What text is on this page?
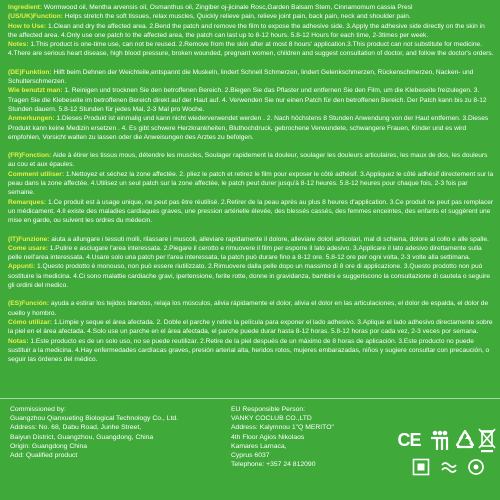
Ingredient: Wormwood oil, Mentha arvensis oil, Osmanthus oil, Zingiber oj-jicinale Rosc,Garden Balsam Stem, Cinnamomum cassia Presl

(US/UK)Function: Helps stretch the soft tissues, relax muscles, Quickly relieve pain, relieve joint pain, back pain, neck and shoulder pain.

How to Use: 1.Clean and dry the affected area. 2.Bend the patch and remove the film to expose the adhesive side. 3.Apply the adhesive side directly on the skin in the affected area. 4.Only use one patch to the affected area, the patch can last up to 8-12 hours. 5.8-12 Hours for each time, 2-3times per week.

Notes: 1.This product is one-time use, can not be reused. 2.Remove from the skin after at most 8 hours' application.3.This product can not substitute for medicine. 4.There are serious heart disease, high blood pressure, broken wounded, pregnant women, children and suggest consultation of doctor, and follow the doctor's orders.

(DE)Funktion: Hilft beim Dehnen der Weichteile,entspannt die Muskeln, lindert Schnell Schmerzen, lindert Gelenkschmerzen, Rückenschmerzen, Nacken- und Schulterschmerzen.

Wie benutzt man: 1. Reinigen und trocknen Sie den betroffenen Bereich. 2.Biegen Sie das Pflaster und entfernen Sie den Film, um die Klebeseite freizulegen. 3. Tragen Sie die Klebeseite im betroffenen Bereich direkt auf der Haut auf. 4. Verwenden Sie nur einen Patch für den betroffenen Bereich. Der Patch kann bis zu 8-12 Stunden dauern. 5.8-12 Stunden für jedes Mal, 2-3 Mal pro Woche.

Anmerkungen: 1.Dieses Produkt ist einmalig und kann nicht wiederverwendet werden . 2. Nach höchstens 8 Stunden Anwendung von der Haut entfernen. 3.Dieses Produkt kann keine Medizin ersetzen . 4. Es gibt schwere Herzkrankheiten, Bluthochdruck, gebrochene Verwundete, schwangere Frauen, Kinder und es wird empfohlen, Vorsicht walten zu lassen oder die Anweisungen des Arztes zu befolgen.

(FR)Fonction: Aide à étirer les tissus mous, détendre les muscles, Soulager rapidement la douleur, soulager les douleurs articulaires, les maux de dos, les douleurs au cou et aux épaules.

Comment utiliser: 1.Nettoyez et séchez la zone affectée. 2. pliez le patch et retirez le film pour exposer le côté adhésif. 3.Appliquez le côté adhésif directement sur la peau dans la zone affectée. 4.Utilisez un seul patch sur la zone affectée, le patch peut durer jusqu'à 8-12 heures. 5.8-12 heures pour chaque fois, 2-3 fois par semaine.

Remarques: 1.Ce produit est à usage unique, ne peut pas être réutilisé. 2.Retirer de la peau après au plus 8 heures d'application. 3.Ce produit ne peut pas remplacer un médicament. 4.Il existe des maladies cardiaques graves, une pression artérielle élevée, des blessés cassés, des femmes enceintes, des enfants et suggèrent une mise en garde, ou suivent les ordres du médecin.

(IT)Funzione: aiuta a allungare i tessuti molli, rilassare i muscoli, alleviare rapidamente il dolore, alleviare dolori articolari, mal di schiena, dolore al collo e alle spalle.

Come usare: 1.Pulire e asciugare l'area interessata. 2.Piegare il cerotto e rimuovere il film per esporre il lato adesivo. 3.Applicare il lato adesivo direttamente sulla pelle nell'area interessata. 4.Usare solo una patch per l'area interessata, la patch può durare fino a 8-12 ore. 5.8-12 ore per ogni volta, 2-3 volte alla settimana.

Appunti: 1.Questo prodotto è monouso, non può essere riutilizzato. 2.Rimuovere dalla pelle dopo un massimo di 8 ore di applicazione. 3.Questo prodotto non può sostituire la medicina. 4.Ci sono malattie cardiache gravi, ipertensione, ferite rotte, donne in gravidanza, bambini e suggeriscono la consultazione di cautela o seguire gli ordini del medico.

(ES)Función: ayuda a estirar los tejidos blandos, relaja los músculos, alivia rápidamente el dolor, alivia el dolor en las articulaciones, el dolor de espalda, el dolor de cuello y hombro.

Cómo utilizar: 1.Limpie y seque el área afectada. 2. Doble el parche y retire la película para exponer el lado adhesivo. 3.Aplique el lado adhesivo directamente sobre la piel en el área afectada. 4.Solo use un parche en el área afectada, el parche puede durar hasta 8-12 horas. 5.8-12 horas por cada vez, 2-3 veces por semana.

Notas: 1.Este producto es de un solo uso, no se puede reutilizar. 2.Retire de la piel después de un máximo de 8 horas de aplicación. 3.Este producto no puede sustituir a la medicina. 4.Hay enfermedades cardíacas graves, presión arterial alta, heridos rotos, mujeres embarazadas, niños y sugiere consultar con precaución, o seguir las órdenes del médico.

Commissioned by:
Guangzhou Qianxueting Biological Technology Co., Ltd.
Address: No. 68, Dabu Road, Junhe Street,
Baiyun District, Guangzhou, Guangdong, China
Origin: Guangdong China
Add: Qualified product
EU Responsible Person:
VANKY COCLUB CO.,LTD
Address: Kalymnou 1"Q MERITO"
4th Floor Agios Nikolaos
Kamares Larnaca,
Cyprus 6037
Telephone: +357 24 812090
CE
